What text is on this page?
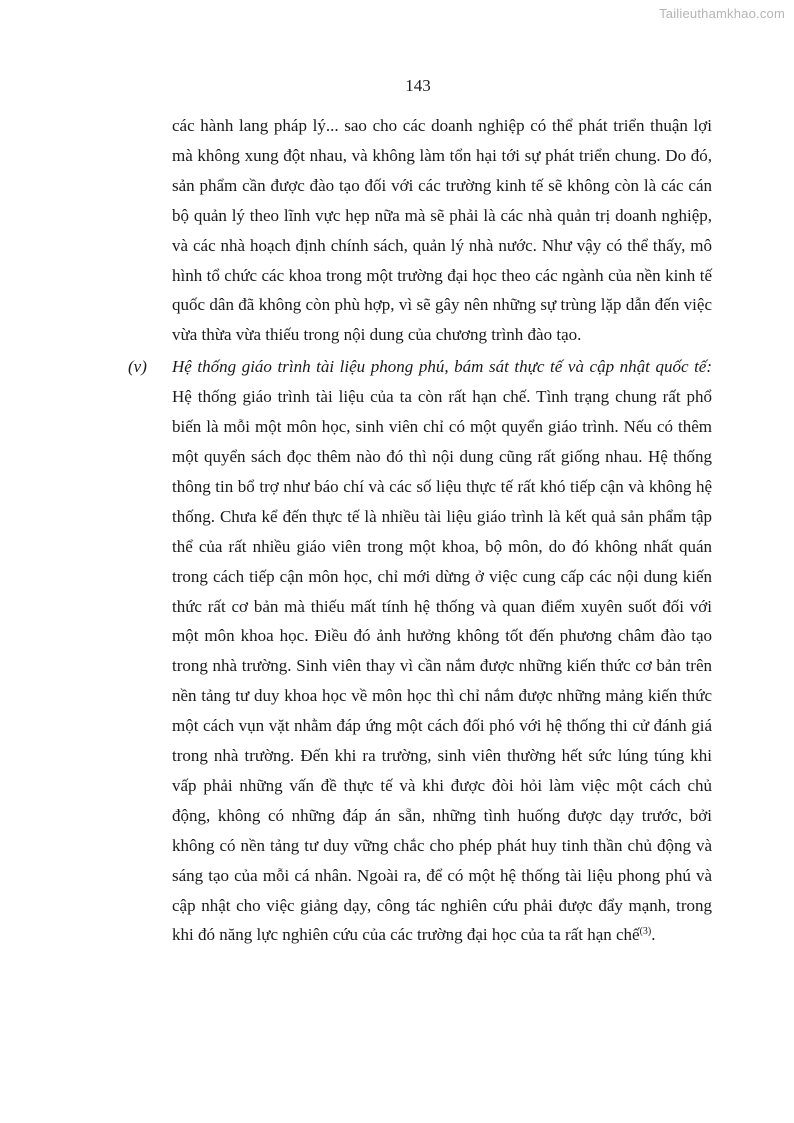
Tailieuthamkhao.com
143

các hành lang pháp lý... sao cho các doanh nghiệp có thể phát triển thuận lợi mà không xung đột nhau, và không làm tổn hại tới sự phát triển chung. Do đó, sản phẩm cần được đào tạo đối với các trường kinh tế sẽ không còn là các cán bộ quản lý theo lĩnh vực hẹp nữa mà sẽ phải là các nhà quản trị doanh nghiệp, và các nhà hoạch định chính sách, quản lý nhà nước. Như vậy có thể thấy, mô hình tổ chức các khoa trong một trường đại học theo các ngành của nền kinh tế quốc dân đã không còn phù hợp, vì sẽ gây nên những sự trùng lặp dẫn đến việc vừa thừa vừa thiếu trong nội dung của chương trình đào tạo.

(v) Hệ thống giáo trình tài liệu phong phú, bám sát thực tế và cập nhật quốc tế: Hệ thống giáo trình tài liệu của ta còn rất hạn chế. Tình trạng chung rất phổ biến là mỗi một môn học, sinh viên chỉ có một quyển giáo trình. Nếu có thêm một quyển sách đọc thêm nào đó thì nội dung cũng rất giống nhau. Hệ thống thông tin bổ trợ như báo chí và các số liệu thực tế rất khó tiếp cận và không hệ thống. Chưa kể đến thực tế là nhiều tài liệu giáo trình là kết quả sản phẩm tập thể của rất nhiều giáo viên trong một khoa, bộ môn, do đó không nhất quán trong cách tiếp cận môn học, chỉ mới dừng ở việc cung cấp các nội dung kiến thức rất cơ bản mà thiếu mất tính hệ thống và quan điểm xuyên suốt đối với một môn khoa học. Điều đó ảnh hưởng không tốt đến phương châm đào tạo trong nhà trường. Sinh viên thay vì cần nắm được những kiến thức cơ bản trên nền tảng tư duy khoa học về môn học thì chỉ nắm được những mảng kiến thức một cách vụn vặt nhằm đáp ứng một cách đối phó với hệ thống thi cử đánh giá trong nhà trường. Đến khi ra trường, sinh viên thường hết sức lúng túng khi vấp phải những vấn đề thực tế và khi được đòi hỏi làm việc một cách chủ động, không có những đáp án sẵn, những tình huống được dạy trước, bởi không có nền tảng tư duy vững chắc cho phép phát huy tinh thần chủ động và sáng tạo của mỗi cá nhân. Ngoài ra, để có một hệ thống tài liệu phong phú và cập nhật cho việc giảng dạy, công tác nghiên cứu phải được đẩy mạnh, trong khi đó năng lực nghiên cứu của các trường đại học của ta rất hạn chế$^{(3)}$.
